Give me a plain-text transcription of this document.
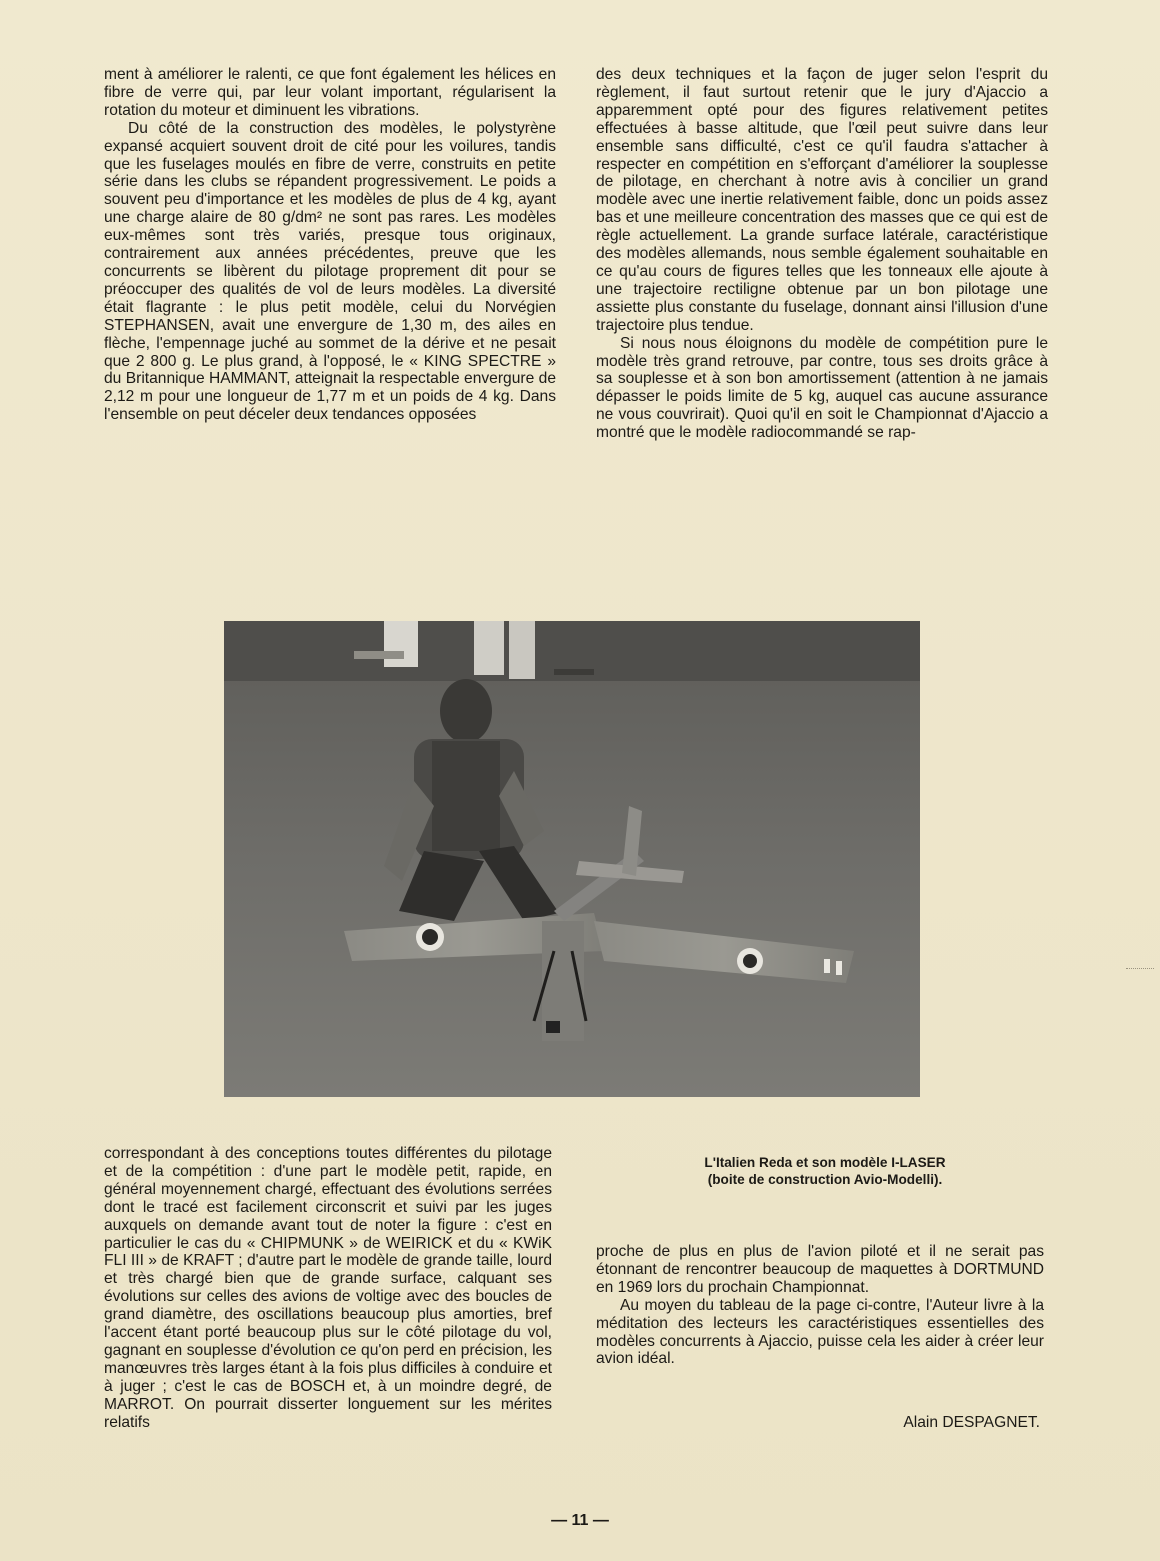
ment à améliorer le ralenti, ce que font également les hélices en fibre de verre qui, par leur volant important, régularisent la rotation du moteur et diminuent les vibrations.

Du côté de la construction des modèles, le polystyrène expansé acquiert souvent droit de cité pour les voilures, tandis que les fuselages moulés en fibre de verre, construits en petite série dans les clubs se répandent progressivement. Le poids a souvent peu d'importance et les modèles de plus de 4 kg, ayant une charge alaire de 80 g/dm² ne sont pas rares. Les modèles eux-mêmes sont très variés, presque tous originaux, contrairement aux années précédentes, preuve que les concurrents se libèrent du pilotage proprement dit pour se préoccuper des qualités de vol de leurs modèles. La diversité était flagrante : le plus petit modèle, celui du Norvégien STEPHANSEN, avait une envergure de 1,30 m, des ailes en flèche, l'empennage juché au sommet de la dérive et ne pesait que 2 800 g. Le plus grand, à l'opposé, le « KING SPECTRE » du Britannique HAMMANT, atteignait la respectable envergure de 2,12 m pour une longueur de 1,77 m et un poids de 4 kg. Dans l'ensemble on peut déceler deux tendances opposées

des deux techniques et la façon de juger selon l'esprit du règlement, il faut surtout retenir que le jury d'Ajaccio a apparemment opté pour des figures relativement petites effectuées à basse altitude, que l'œil peut suivre dans leur ensemble sans difficulté, c'est ce qu'il faudra s'attacher à respecter en compétition en s'efforçant d'améliorer la souplesse de pilotage, en cherchant à notre avis à concilier un grand modèle avec une inertie relativement faible, donc un poids assez bas et une meilleure concentration des masses que ce qui est de règle actuellement. La grande surface latérale, caractéristique des modèles allemands, nous semble également souhaitable en ce qu'au cours de figures telles que les tonneaux elle ajoute à une trajectoire rectiligne obtenue par un bon pilotage une assiette plus constante du fuselage, donnant ainsi l'illusion d'une trajectoire plus tendue.

Si nous nous éloignons du modèle de compétition pure le modèle très grand retrouve, par contre, tous ses droits grâce à sa souplesse et à son bon amortissement (attention à ne jamais dépasser le poids limite de 5 kg, auquel cas aucune assurance ne vous couvrirait). Quoi qu'il en soit le Championnat d'Ajaccio a montré que le modèle radiocommandé se rap-

correspondant à des conceptions toutes différentes du pilotage et de la compétition : d'une part le modèle petit, rapide, en général moyennement chargé, effectuant des évolutions serrées dont le tracé est facilement circonscrit et suivi par les juges auxquels on demande avant tout de noter la figure : c'est en particulier le cas du « CHIPMUNK » de WEIRICK et du « KWiK FLI III » de KRAFT ; d'autre part le modèle de grande taille, lourd et très chargé bien que de grande surface, calquant ses évolutions sur celles des avions de voltige avec des boucles de grand diamètre, des oscillations beaucoup plus amorties, bref l'accent étant porté beaucoup plus sur le côté pilotage du vol, gagnant en souplesse d'évolution ce qu'on perd en précision, les manœuvres très larges étant à la fois plus difficiles à conduire et à juger ; c'est le cas de BOSCH et, à un moindre degré, de MARROT. On pourrait disserter longuement sur les mérites relatifs

L'Italien Reda et son modèle I-LASER
(boite de construction Avio-Modelli).

proche de plus en plus de l'avion piloté et il ne serait pas étonnant de rencontrer beaucoup de maquettes à DORTMUND en 1969 lors du prochain Championnat.

Au moyen du tableau de la page ci-contre, l'Auteur livre à la méditation des lecteurs les caractéristiques essentielles des modèles concurrents à Ajaccio, puisse cela les aider à créer leur avion idéal.

Alain DESPAGNET.
— 11 —
